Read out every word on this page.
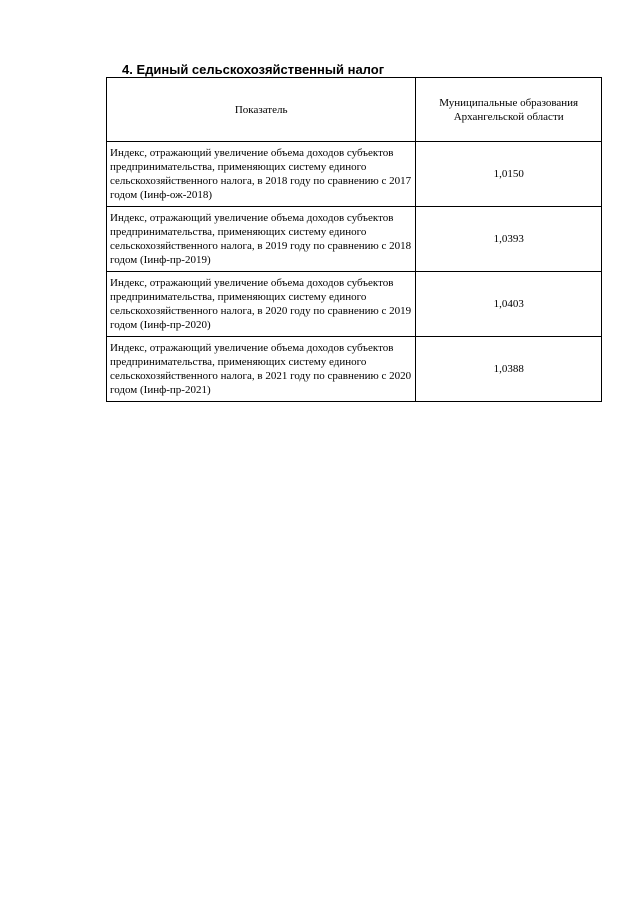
4. Единый сельскохозяйственный налог
Показатель	Муниципальные образования Архангельской области
Индекс, отражающий увеличение объема доходов субъектов предпринимательства, применяющих систему единого сельскохозяйственного налога, в 2018 году по сравнению с 2017 годом (Iинф-ож-2018)	1,0150
Индекс, отражающий увеличение объема доходов субъектов предпринимательства, применяющих систему единого сельскохозяйственного налога, в 2019 году по сравнению с 2018 годом (Iинф-пр-2019)	1,0393
Индекс, отражающий увеличение объема доходов субъектов предпринимательства, применяющих систему единого сельскохозяйственного налога, в 2020 году по сравнению с 2019 годом (Iинф-пр-2020)	1,0403
Индекс, отражающий увеличение объема доходов субъектов предпринимательства, применяющих систему единого сельскохозяйственного налога, в 2021 году по сравнению с 2020 годом (Iинф-пр-2021)	1,0388
